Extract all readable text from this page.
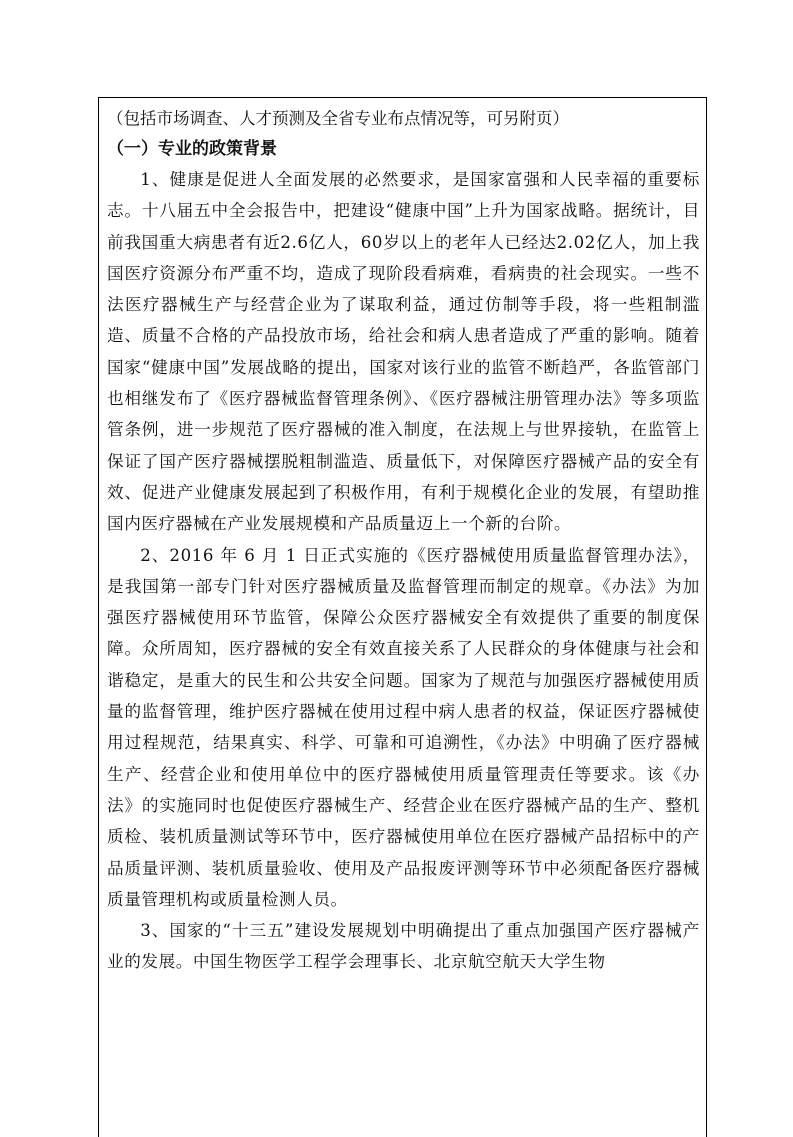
（包括市场调查、人才预测及全省专业布点情况等，可另附页）

（一）专业的政策背景

1、健康是促进人全面发展的必然要求，是国家富强和人民幸福的重要标志。十八届五中全会报告中，把建设“健康中国”上升为国家战略。据统计，目前我国重大病患者有近2.6亿人，60岁以上的老年人已经达2.02亿人，加上我国医疗资源分布严重不均，造成了现阶段看病难，看病贵的社会现实。一些不法医疗器械生产与经营企业为了谋取利益，通过仿制等手段，将一些粗制滥造、质量不合格的产品投放市场，给社会和病人患者造成了严重的影响。随着国家“健康中国”发展战略的提出，国家对该行业的监管不断趋严，各监管部门也相继发布了《医疗器械监督管理条例》、《医疗器械注册管理办法》等多项监管条例，进一步规范了医疗器械的准入制度，在法规上与世界接轨，在监管上保证了国产医疗器械摆脱粗制滥造、质量低下，对保障医疗器械产品的安全有效、促进产业健康发展起到了积极作用，有利于规模化企业的发展，有望助推国内医疗器械在产业发展规模和产品质量迈上一个新的台阶。

2、2016 年 6 月 1 日正式实施的《医疗器械使用质量监督管理办法》，是我国第一部专门针对医疗器械质量及监督管理而制定的规章。《办法》为加强医疗器械使用环节监管，保障公众医疗器械安全有效提供了重要的制度保障。众所周知，医疗器械的安全有效直接关系了人民群众的身体健康与社会和谐稳定，是重大的民生和公共安全问题。国家为了规范与加强医疗器械使用质量的监督管理，维护医疗器械在使用过程中病人患者的权益，保证医疗器械使用过程规范，结果真实、科学、可靠和可追溯性，《办法》中明确了医疗器械生产、经营企业和使用单位中的医疗器械使用质量管理责任等要求。该《办法》的实施同时也促使医疗器械生产、经营企业在医疗器械产品的生产、整机质检、装机质量测试等环节中，医疗器械使用单位在医疗器械产品招标中的产品质量评测、装机质量验收、使用及产品报废评测等环节中必须配备医疗器械质量管理机构或质量检测人员。

3、国家的“十三五”建设发展规划中明确提出了重点加强国产医疗器械产业的发展。中国生物医学工程学会理事长、北京航空航天大学生物
